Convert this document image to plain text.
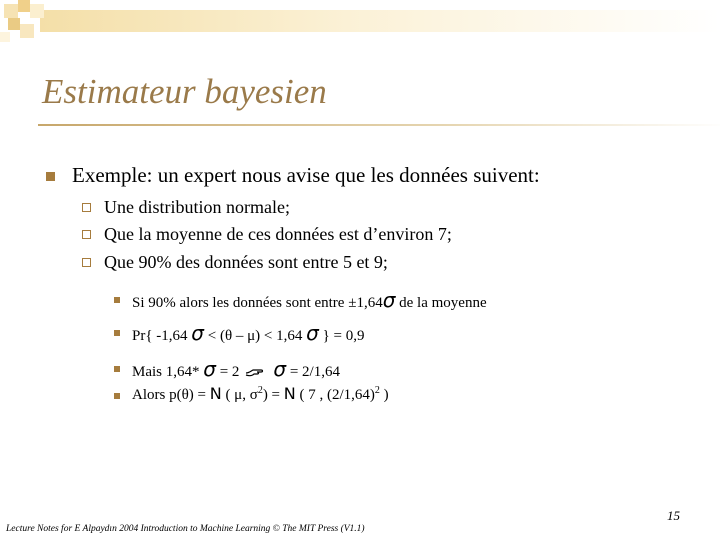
Estimateur bayesien
Exemple: un expert nous avise que les données suivent:
Une distribution normale;
Que la moyenne de ces données est d’environ 7;
Que 90% des données sont entre 5 et 9;
Si 90% alors les données sont entre ±1,64σ de la moyenne
Pr{ -1,64 σ < (θ – μ) < 1,64 σ } = 0,9
Mais 1,64* σ = 2 σ = 2/1,64
Alors p(θ) = N ( μ, $\sigma^2) = N$ ( 7 , $(2/1,64)^2$ )
15
Lecture Notes for E Alpaydın 2004 Introduction to Machine Learning © The MIT Press (V1.1)
